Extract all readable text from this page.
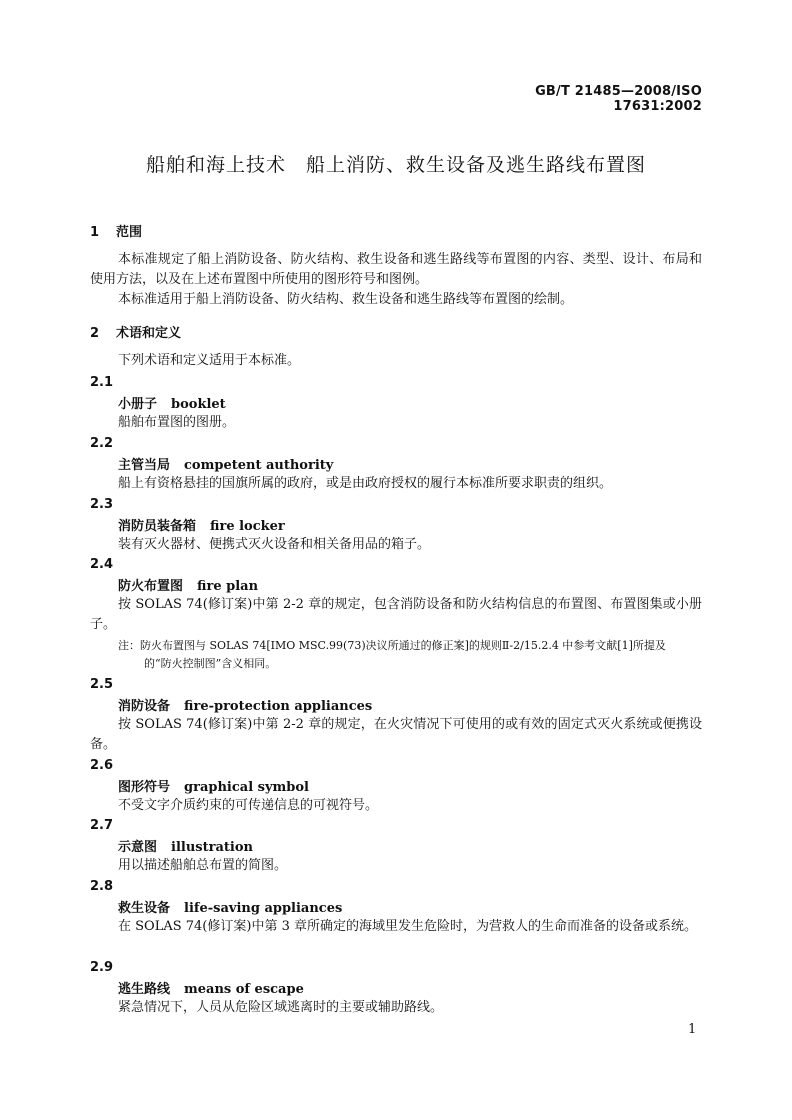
GB/T 21485—2008/ISO 17631:2002
船舶和海上技术　船上消防、救生设备及逃生路线布置图
1 范围
本标准规定了船上消防设备、防火结构、救生设备和逃生路线等布置图的内容、类型、设计、布局和使用方法，以及在上述布置图中所使用的图形符号和图例。
本标准适用于船上消防设备、防火结构、救生设备和逃生路线等布置图的绘制。
2 术语和定义
下列术语和定义适用于本标准。
2.1
小册子 booklet
船舶布置图的图册。
2.2
主管当局 competent authority
船上有资格悬挂的国旗所属的政府，或是由政府授权的履行本标准所要求职责的组织。
2.3
消防员装备箱 fire locker
装有灭火器材、便携式灭火设备和相关备用品的箱子。
2.4
防火布置图 fire plan
按 SOLAS 74(修订案)中第 2-2 章的规定，包含消防设备和防火结构信息的布置图、布置图集或小册子。
注：防火布置图与 SOLAS 74[IMO MSC.99(73)决议所通过的修正案]的规则Ⅱ-2/15.2.4 中参考文献[1]所提及
的“防火控制图”含义相同。
2.5
消防设备 fire-protection appliances
按 SOLAS 74(修订案)中第 2-2 章的规定，在火灾情况下可使用的或有效的固定式灭火系统或便携设备。
2.6
图形符号 graphical symbol
不受文字介质约束的可传递信息的可视符号。
2.7
示意图 illustration
用以描述船舶总布置的简图。
2.8
救生设备 life-saving appliances
在 SOLAS 74(修订案)中第 3 章所确定的海域里发生危险时，为营救人的生命而准备的设备或系统。
2.9
逃生路线 means of escape
紧急情况下，人员从危险区域逃离时的主要或辅助路线。
1
